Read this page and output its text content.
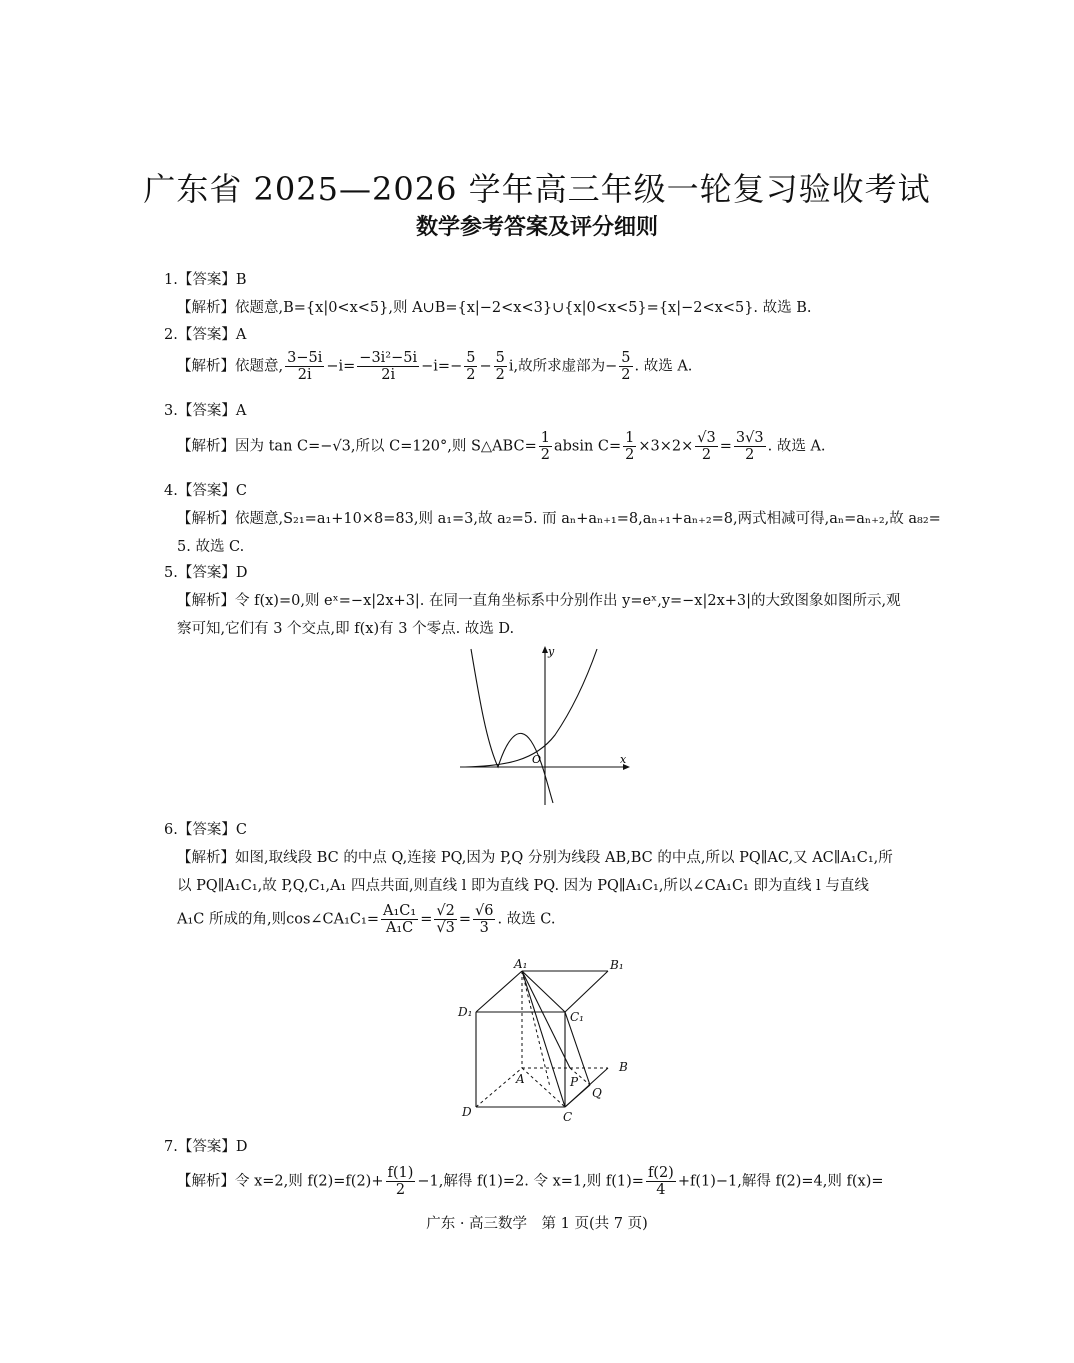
广东省 2025—2026 学年高三年级一轮复习验收考试
数学参考答案及评分细则
1.【答案】B
【解析】依题意,B={x|0<x<5},则 A∪B={x|−2<x<3}∪{x|0<x<5}={x|−2<x<5}. 故选 B.
2.【答案】A
【解析】依题意, $\frac{3-5i}{2i} -i= \frac{\text{−3i²−5i}}{2i} -i=- \frac{5}{2} - \frac{5}{2} i$,故所求虚部为− $\frac{5}{2}$ . 故选 A.
3.【答案】A
【解析】因为 tan C=−√3,所以 C=120°,则 S△ABC= $\frac{1}{2}$ absin $C= \frac{1}{2} \times 3\times 2\times \frac{√3}{2} = \frac{3√3}{2}$ . 故选 A.
4.【答案】C
【解析】依题意,S₂₁=a₁+10×8=83,则 a₁=3,故 a₂=5. 而 aₙ+aₙ₊₁=8,aₙ₊₁+aₙ₊₂=8,两式相减可得,aₙ=aₙ₊₂,故 a₈₂=
5. 故选 C.
5.【答案】D
【解析】令 f(x)=0,则 eˣ=−x|2x+3|. 在同一直角坐标系中分别作出 y=eˣ,y=−x|2x+3|的大致图象如图所示,观
察可知,它们有 3 个交点,即 f(x)有 3 个零点. 故选 D.
y
x
O
6.【答案】C
【解析】如图,取线段 BC 的中点 Q,连接 PQ,因为 P,Q 分别为线段 AB,BC 的中点,所以 PQ∥AC,又 AC∥A₁C₁,所
以 PQ∥A₁C₁,故 P,Q,C₁,A₁ 四点共面,则直线 l 即为直线 PQ. 因为 PQ∥A₁C₁,所以∠CA₁C₁ 即为直线 l 与直线
A₁C 所成的角,则cos∠CA₁C₁= $\frac{\text{A₁C₁}}{\text{A₁C}} = \frac{√2}{√3} = \frac{√6}{3}$ . 故选 C.
A₁	B₁
C₁
D₁
A
B
C
D
P
Q
7.【答案】D
【解析】令 x=2,则 $f(2)=f(2)+ \frac{f(1)}{2} -1$,解得 f(1)=2. 令 x=1,则 $f(1)= \frac{f(2)}{4} +f(1)-1$,解得 f(2)=4,则 f(x)=
广东 · 高三数学　第 1 页(共 7 页)
